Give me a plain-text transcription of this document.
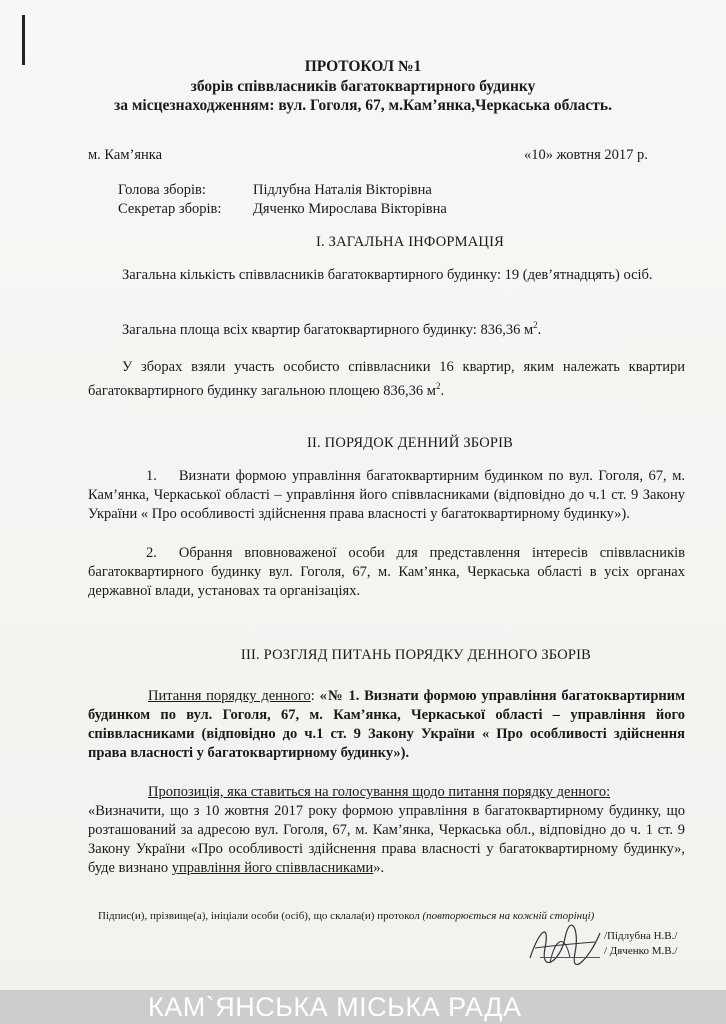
ПРОТОКОЛ №1
зборів співвласників багатоквартирного будинку
за місцезнаходженням: вул. Гоголя, 67, м.Кам’янка,Черкаська область.
м. Кам’янка	«10» жовтня 2017 р.
Голова зборів:	Підлубна Наталія Вікторівна
Секретар зборів: Дяченко Мирослава Вікторівна
І. ЗАГАЛЬНА ІНФОРМАЦІЯ
Загальна кількість співвласників багатоквартирного будинку: 19 (дев’ятнадцять) осіб.
Загальна площа всіх квартир багатоквартирного будинку: 836,36 $м^2$.
У зборах взяли участь особисто співвласники 16 квартир, яким належать квартири багатоквартирного будинку загальною площею 836,36 $м^2$.
ІІ. ПОРЯДОК ДЕННИЙ ЗБОРІВ
1. Визнати формою управління багатоквартирним будинком по вул. Гоголя, 67, м. Кам’янка, Черкаської області – управління його співвласниками (відповідно до ч.1 ст. 9 Закону України « Про особливості здійснення права власності у багатоквартирному будинку»).
2. Обрання вповноваженої особи для представлення інтересів співвласників багатоквартирного будинку вул. Гоголя, 67, м. Кам’янка, Черкаська області в усіх органах державної влади, установах та організаціях.
ІІІ. РОЗГЛЯД ПИТАНЬ ПОРЯДКУ ДЕННОГО ЗБОРІВ
Питання порядку денного: «№ 1. Визнати формою управління багатоквартирним будинком по вул. Гоголя, 67, м. Кам’янка, Черкаської області – управління його співвласниками (відповідно до ч.1 ст. 9 Закону України « Про особливості здійснення права власності у багатоквартирному будинку»).
Пропозиція, яка ставиться на голосування щодо питання порядку денного:
«Визначити, що з 10 жовтня 2017 року формою управління в багатоквартирному будинку, що розташований за адресою вул. Гоголя, 67, м. Кам’янка, Черкаська обл., відповідно до ч. 1 ст. 9 Закону України «Про особливості здійснення права власності у багатоквартирному будинку», буде визнано управління його співвласниками».
Підпис(и), прізвище(а), ініціали особи (осіб), що склала(и) протокол (повторюється на кожній сторінці)
/Підлубна Н.В./
/ Дяченко М.В./
КАМ`ЯНСЬКА МІСЬКА РАДА
